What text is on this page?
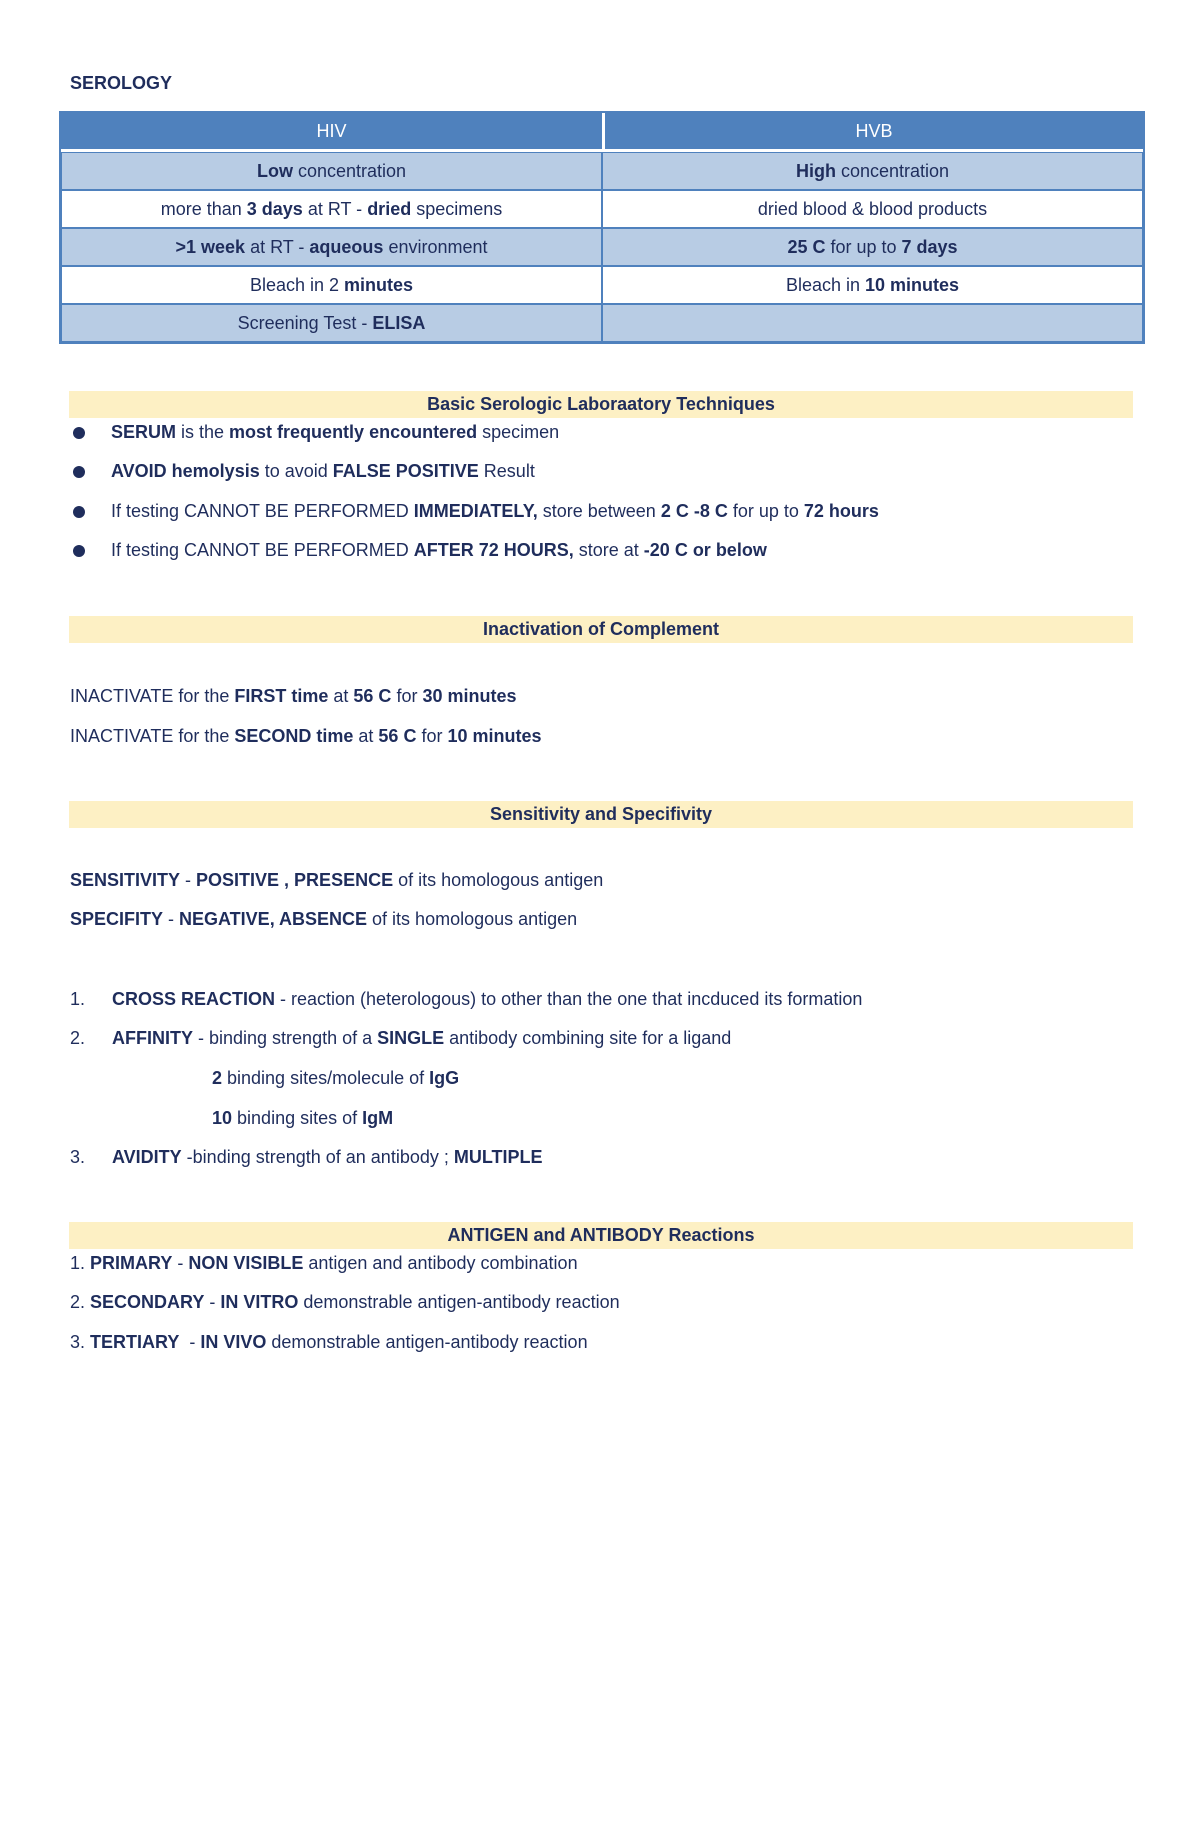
SEROLOGY
HIV	HVB
Low concentration	High concentration
more than 3 days at RT - dried specimens	dried blood & blood products
>1 week at RT - aqueous environment	25 C for up to 7 days
Bleach in 2 minutes	Bleach in 10 minutes
Screening Test - ELISA	
Basic Serologic Laboraatory Techniques
SERUM is the most frequently encountered specimen
AVOID hemolysis to avoid FALSE POSITIVE Result
If testing CANNOT BE PERFORMED IMMEDIATELY, store between 2 C -8 C for up to 72 hours
If testing CANNOT BE PERFORMED AFTER 72 HOURS, store at -20 C or below
Inactivation of Complement
INACTIVATE for the FIRST time at 56 C for 30 minutes
INACTIVATE for the SECOND time at 56 C for 10 minutes
Sensitivity and Specifivity
SENSITIVITY - POSITIVE , PRESENCE of its homologous antigen
SPECIFITY - NEGATIVE, ABSENCE of its homologous antigen
1. CROSS REACTION - reaction (heterologous) to other than the one that incduced its formation
2. AFFINITY - binding strength of a SINGLE antibody combining site for a ligand
2 binding sites/molecule of IgG
10 binding sites of IgM
3. AVIDITY -binding strength of an antibody ; MULTIPLE
ANTIGEN and ANTIBODY Reactions
1. PRIMARY - NON VISIBLE antigen and antibody combination
2. SECONDARY - IN VITRO demonstrable antigen-antibody reaction
3. TERTIARY  - IN VIVO demonstrable antigen-antibody reaction
